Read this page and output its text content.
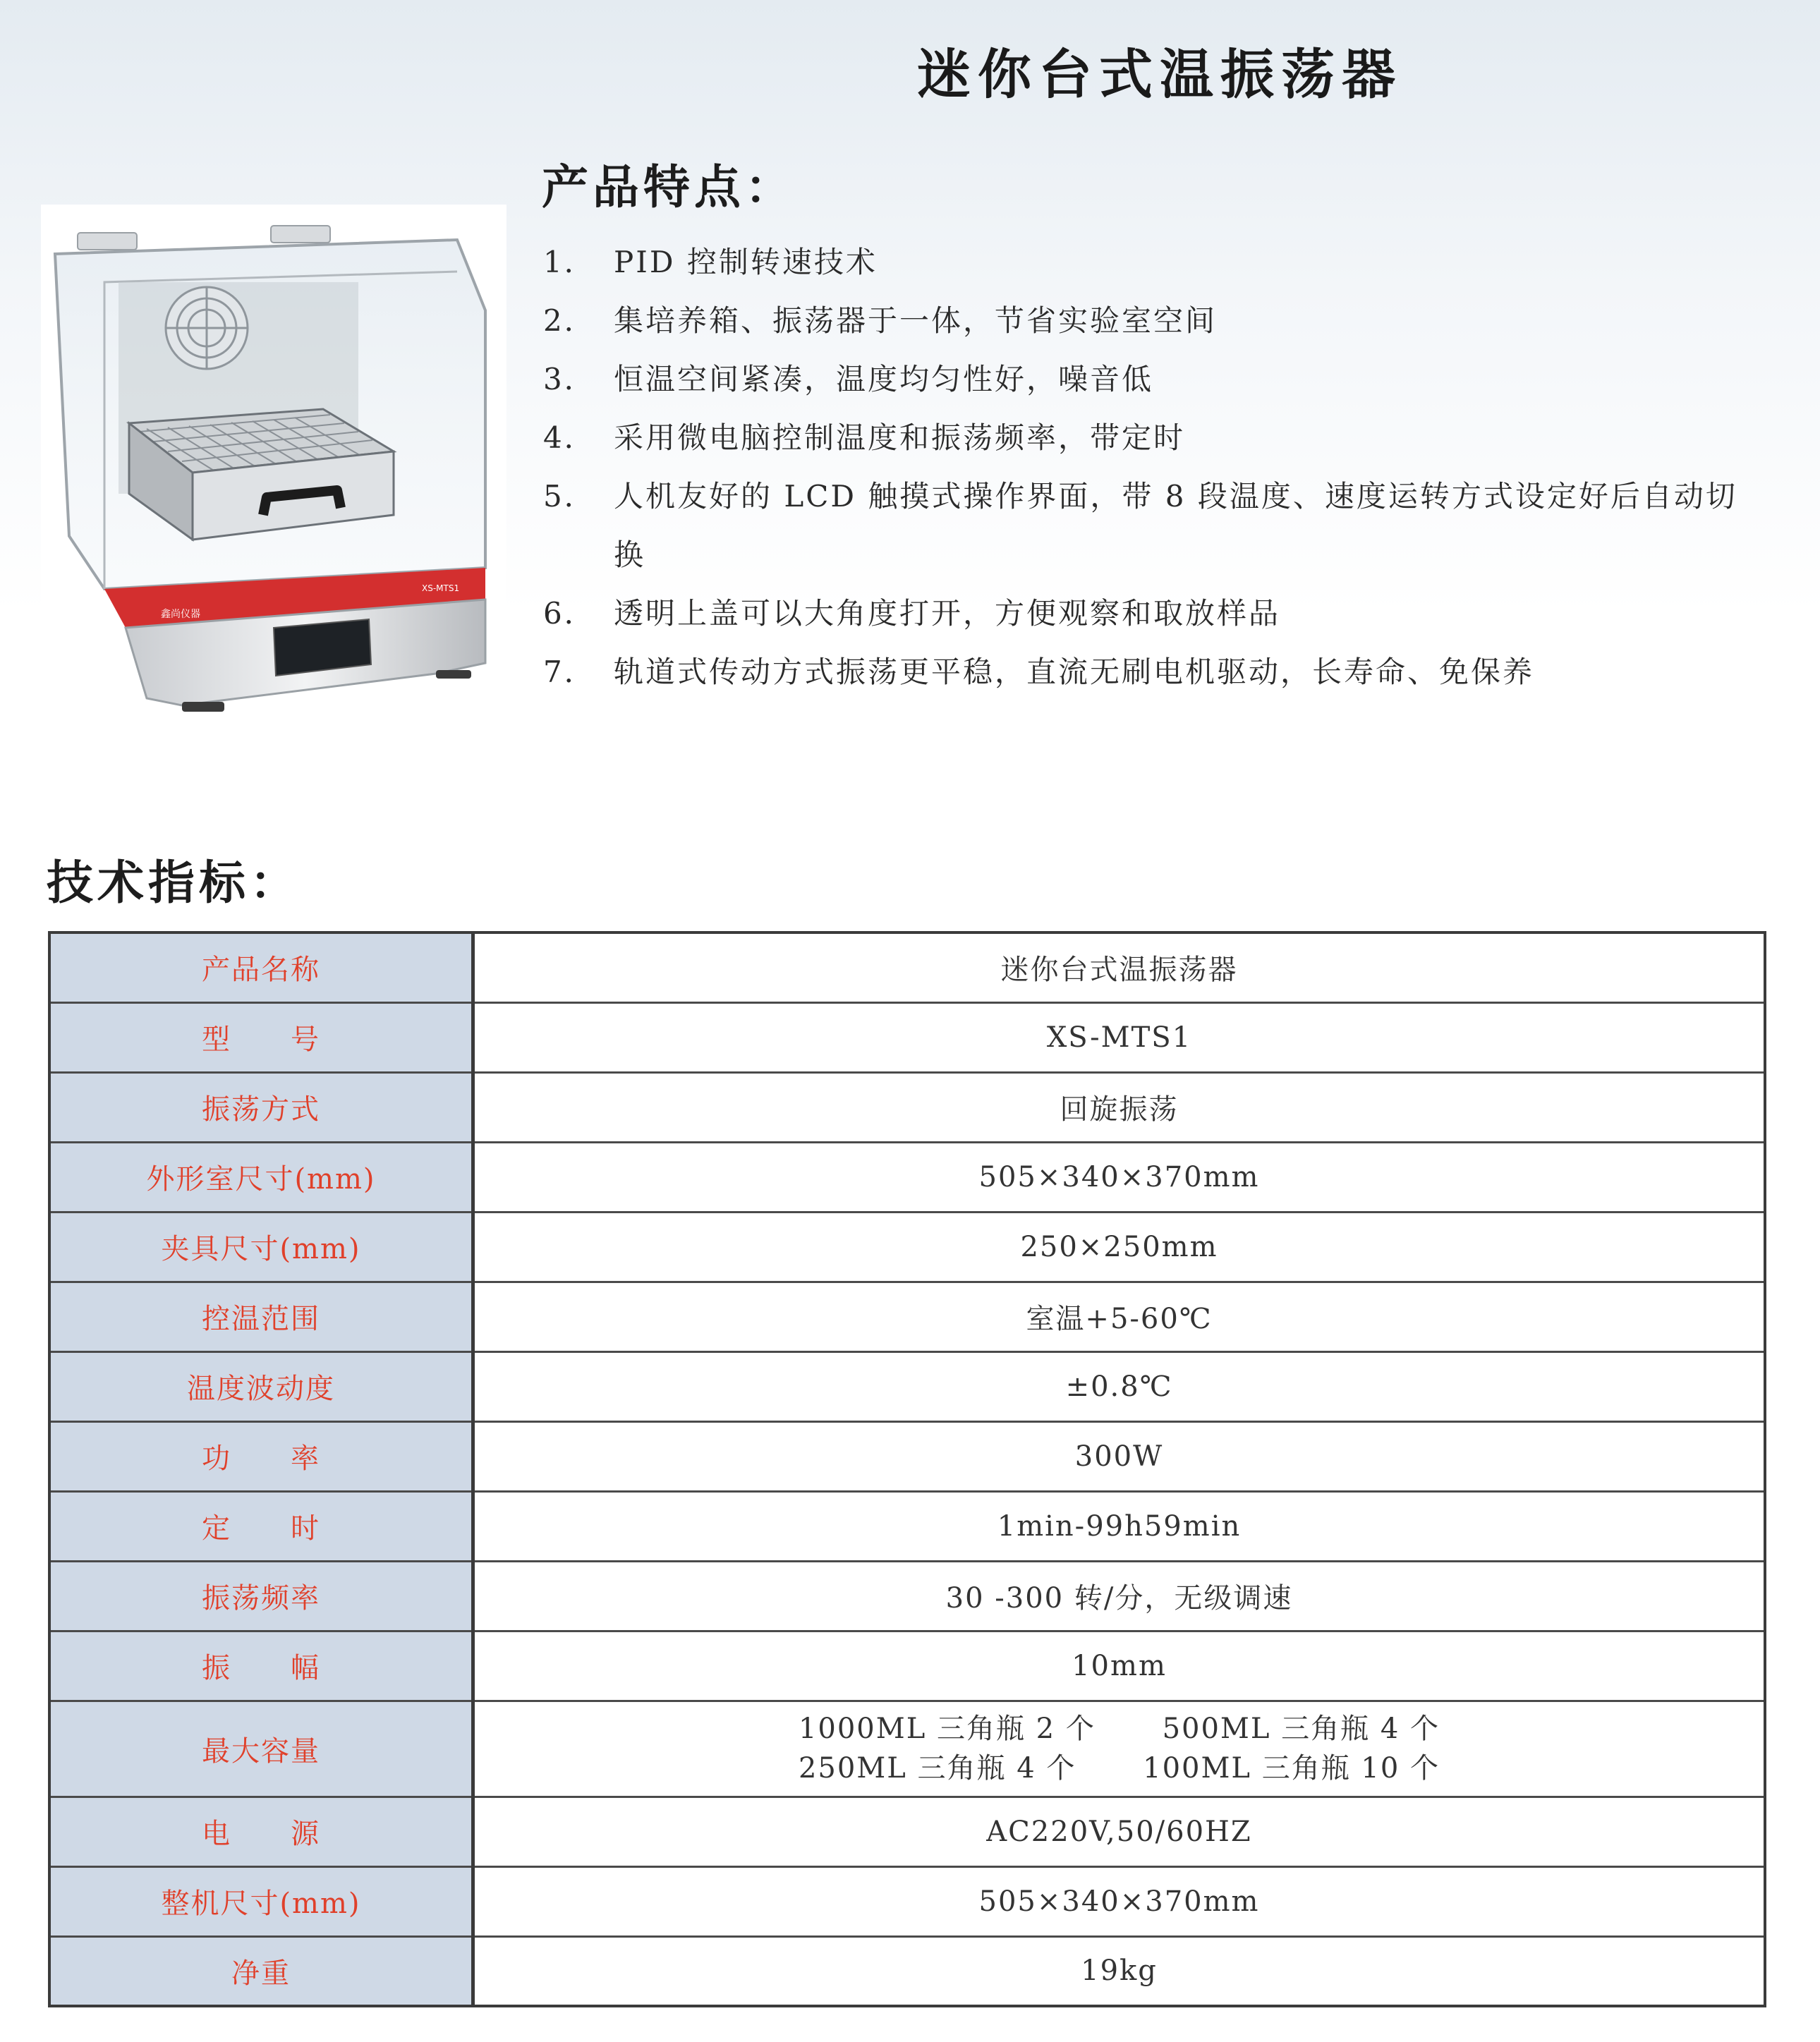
迷你台式温振荡器
鑫尚仪器
XS-MTS1
产品特点：
1． PID 控制转速技术
2． 集培养箱、振荡器于一体，节省实验室空间
3． 恒温空间紧凑，温度均匀性好，噪音低
4． 采用微电脑控制温度和振荡频率，带定时
5． 人机友好的 LCD 触摸式操作界面，带 8 段温度、速度运转方式设定好后自动切换
6． 透明上盖可以大角度打开，方便观察和取放样品
7． 轨道式传动方式振荡更平稳，直流无刷电机驱动，长寿命、免保养
技术指标：
产品名称	迷你台式温振荡器
型　　号	XS-MTS1
振荡方式	回旋振荡
外形室尺寸(mm)	505×340×370mm
夹具尺寸(mm)	250×250mm
控温范围	室温+5-60℃
温度波动度	±0.8℃
功　　率	300W
定　　时	1min-99h59min
振荡频率	30 -300 转/分，无级调速
振　　幅	10mm
最大容量	1000ML 三角瓶 2 个 500ML 三角瓶 4 个
250ML 三角瓶 4 个 100ML 三角瓶 10 个

电　　源	AC220V,50/60HZ
整机尺寸(mm)	505×340×370mm
净重	19kg
